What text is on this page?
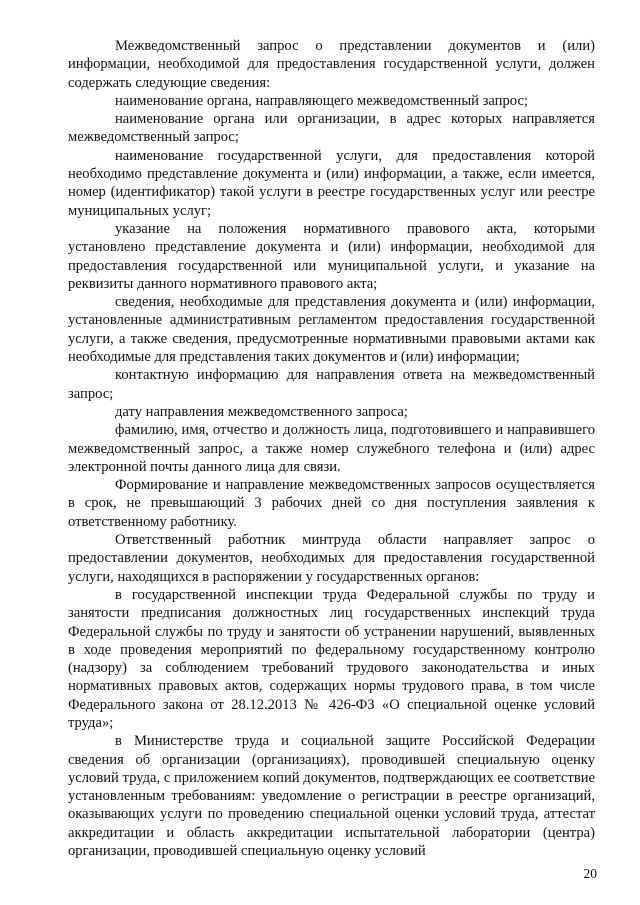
Межведомственный запрос о представлении документов и (или) информации, необходимой для предоставления государственной услуги, должен содержать следующие сведения:

наименование органа, направляющего межведомственный запрос;

наименование органа или организации, в адрес которых направляется межведомственный запрос;

наименование государственной услуги, для предоставления которой необходимо представление документа и (или) информации, а также, если имеется, номер (идентификатор) такой услуги в реестре государственных услуг или реестре муниципальных услуг;

указание на положения нормативного правового акта, которыми установлено представление документа и (или) информации, необходимой для предоставления государственной или муниципальной услуги, и указание на реквизиты данного нормативного правового акта;

сведения, необходимые для представления документа и (или) информации, установленные административным регламентом предоставления государственной услуги, а также сведения, предусмотренные нормативными правовыми актами как необходимые для представления таких документов и (или) информации;

контактную информацию для направления ответа на межведомственный запрос;

дату направления межведомственного запроса;

фамилию, имя, отчество и должность лица, подготовившего и направившего межведомственный запрос, а также номер служебного телефона и (или) адрес электронной почты данного лица для связи.

Формирование и направление межведомственных запросов осуществляется в срок, не превышающий 3 рабочих дней со дня поступления заявления к ответственному работнику.

Ответственный работник минтруда области направляет запрос о предоставлении документов, необходимых для предоставления государственной услуги, находящихся в распоряжении у государственных органов:

в государственной инспекции труда Федеральной службы по труду и занятости предписания должностных лиц государственных инспекций труда Федеральной службы по труду и занятости об устранении нарушений, выявленных в ходе проведения мероприятий по федеральному государственному контролю (надзору) за соблюдением требований трудового законодательства и иных нормативных правовых актов, содержащих нормы трудового права, в том числе Федерального закона от 28.12.2013 № 426-ФЗ «О специальной оценке условий труда»;

в Министерстве труда и социальной защите Российской Федерации сведения об организации (организациях), проводившей специальную оценку условий труда, с приложением копий документов, подтверждающих ее соответствие установленным требованиям: уведомление о регистрации в реестре организаций, оказывающих услуги по проведению специальной оценки условий труда, аттестат аккредитации и область аккредитации испытательной лаборатории (центра) организации, проводившей специальную оценку условий

20
